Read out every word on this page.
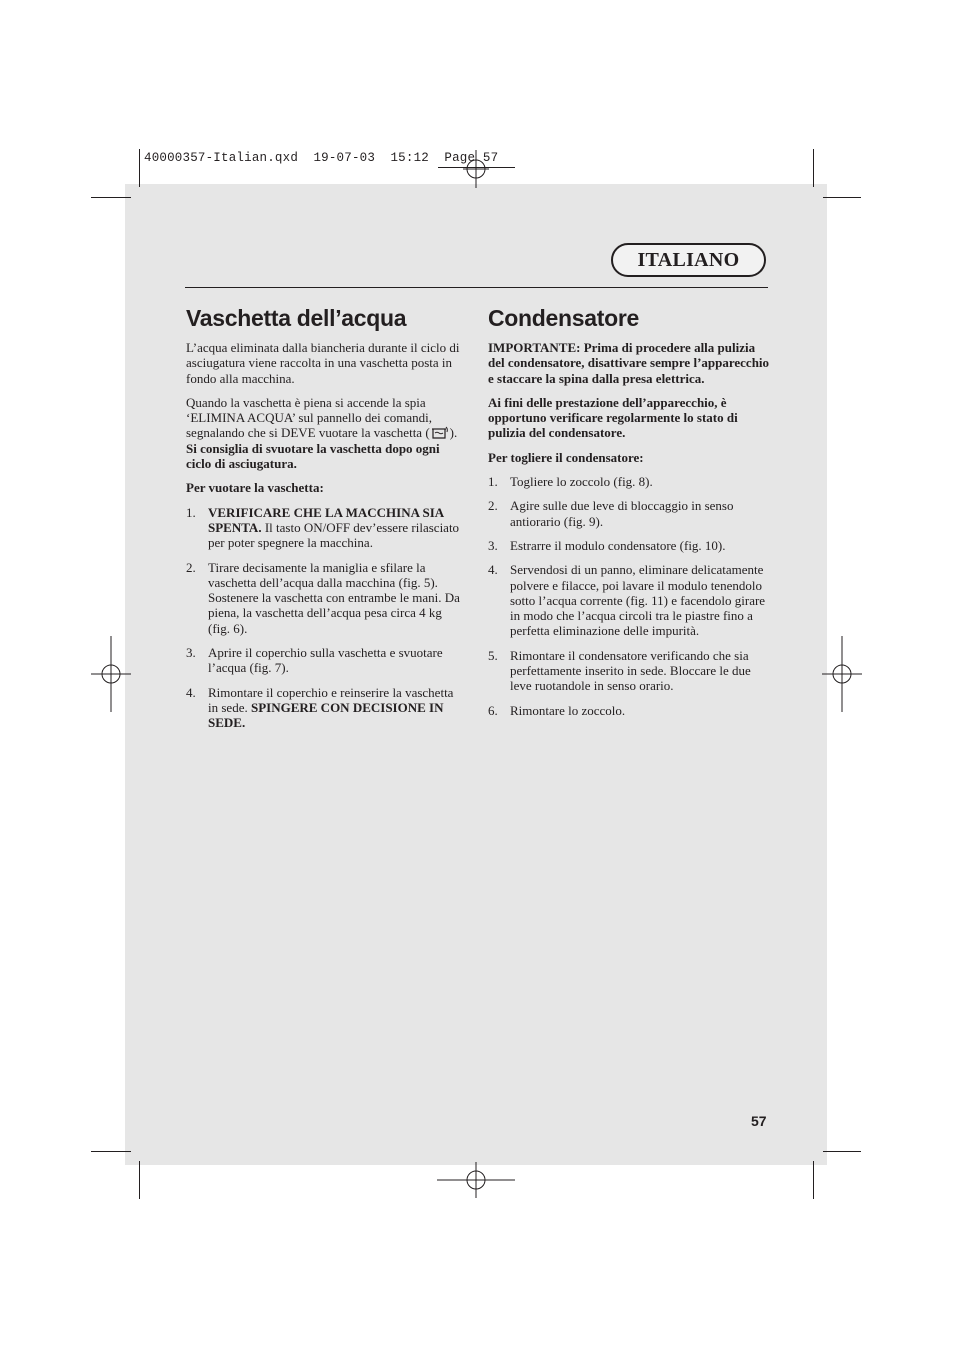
40000357-Italian.qxd 19-07-03 15:12 Page 57
ITALIANO
Vaschetta dell’acqua

L’acqua eliminata dalla biancheria durante il ciclo di asciugatura viene raccolta in una vaschetta posta in fondo alla macchina.

Quando la vaschetta è piena si accende la spia ‘ELIMINA ACQUA’ sul pannello dei comandi, segnalando che si DEVE vuotare la vaschetta ( ).
Si consiglia di svuotare la vaschetta dopo ogni ciclo di asciugatura.

Per vuotare la vaschetta:

1. VERIFICARE CHE LA MACCHINA SIA SPENTA. Il tasto ON/OFF dev’essere rilasciato per poter spegnere la macchina.
2. Tirare decisamente la maniglia e sfilare la vaschetta dell’acqua dalla macchina (fig. 5). Sostenere la vaschetta con entrambe le mani. Da piena, la vaschetta dell’acqua pesa circa 4 kg (fig. 6).
3. Aprire il coperchio sulla vaschetta e svuotare l’acqua (fig. 7).
4. Rimontare il coperchio e reinserire la vaschetta in sede. SPINGERE CON DECISIONE IN SEDE.
Condensatore

IMPORTANTE: Prima di procedere alla pulizia del condensatore, disattivare sempre l’apparecchio e staccare la spina dalla presa elettrica.

Ai fini delle prestazione dell’apparecchio, è opportuno verificare regolarmente lo stato di pulizia del condensatore.

Per togliere il condensatore:

1. Togliere lo zoccolo (fig. 8).
2. Agire sulle due leve di bloccaggio in senso antiorario (fig. 9).
3. Estrarre il modulo condensatore (fig. 10).
4. Servendosi di un panno, eliminare delicatamente polvere e filacce, poi lavare il modulo tenendolo sotto l’acqua corrente (fig. 11) e facendolo girare in modo che l’acqua circoli tra le piastre fino a perfetta eliminazione delle impurità.
5. Rimontare il condensatore verificando che sia perfettamente inserito in sede. Bloccare le due leve ruotandole in senso orario.
6. Rimontare lo zoccolo.
57
